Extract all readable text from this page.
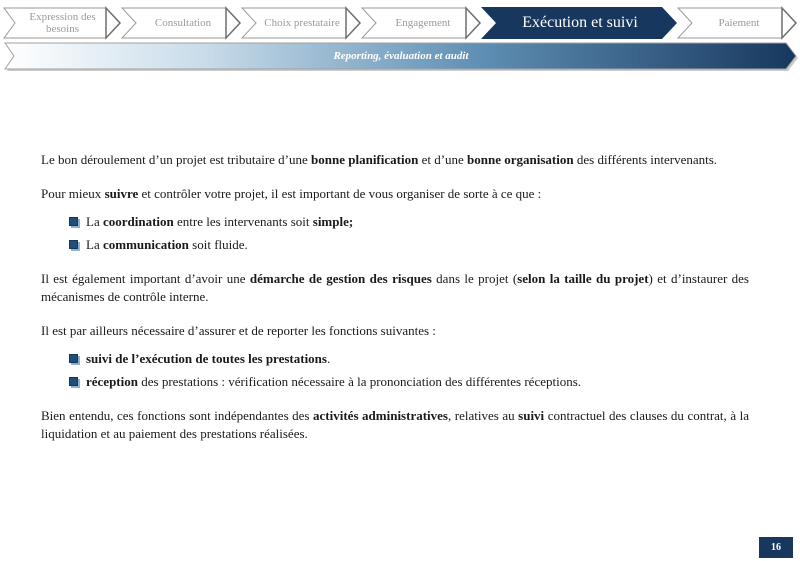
Expression des besoins	Consultation	Choix prestataire	Engagement	Exécution et suivi	Paiement
Reporting, évaluation et audit

Le bon déroulement d’un projet est tributaire d’une bonne planification et d’une bonne organisation des différents intervenants.

Pour mieux suivre et contrôler votre projet, il est important de vous organiser de sorte à ce que :

La coordination entre les intervenants soit simple;
La communication soit fluide.

Il est également important d’avoir une démarche de gestion des risques dans le projet (selon la taille du projet) et d’instaurer des mécanismes de contrôle interne.

Il est par ailleurs nécessaire d’assurer et de reporter les fonctions suivantes :

suivi de l’exécution de toutes les prestations.
réception des prestations : vérification nécessaire à la prononciation des différentes réceptions.

Bien entendu, ces fonctions sont indépendantes des activités administratives, relatives au suivi contractuel des clauses du contrat, à la liquidation et au paiement des prestations réalisées.

16
